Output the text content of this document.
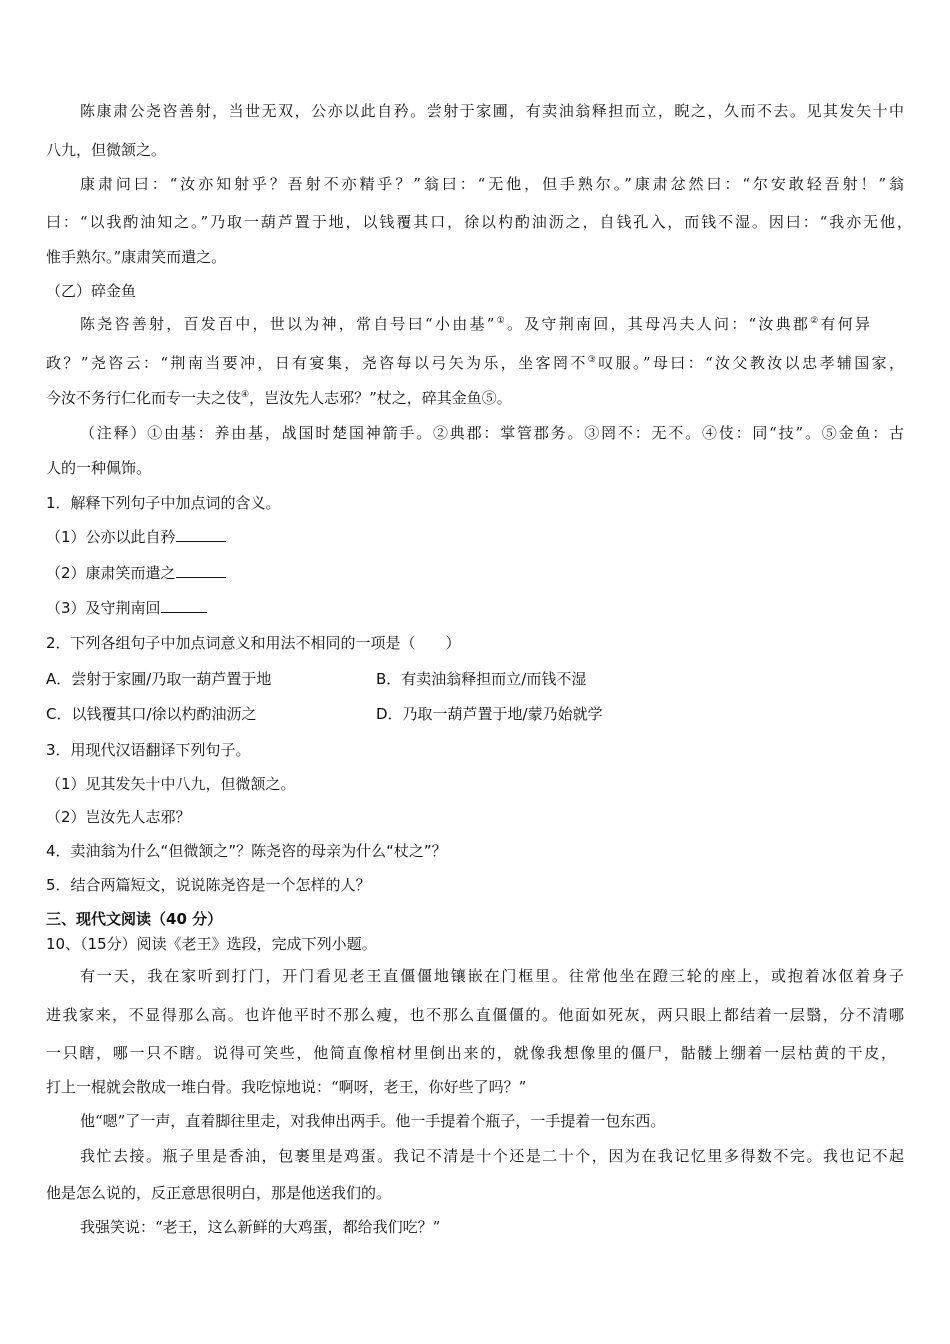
陈康肃公尧咨善射，当世无双，公亦以此自矜。尝射于家圃，有卖油翁释担而立，睨之，久而不去。见其发矢十中
八九，但微颔之。
康肃问曰：“汝亦知射乎？吾射不亦精乎？”翁曰：“无他，但手熟尔。”康肃忿然曰：“尔安敢轻吾射！”翁
曰：“以我酌油知之。”乃取一葫芦置于地，以钱覆其口，徐以杓酌油沥之，自钱孔入，而钱不湿。因曰：“我亦无他，
惟手熟尔。”康肃笑而遣之。
（乙）碎金鱼
陈尧咨善射，百发百中，世以为神，常自号曰“小由基”①。及守荆南回，其母冯夫人问：“汝典郡②有何异
政？”尧咨云：“荆南当要冲，日有宴集，尧咨每以弓矢为乐，坐客罔不③叹服。”母曰：“汝父教汝以忠孝辅国家，
今汝不务行仁化而专一夫之伎④，岂汝先人志邪？”杖之，碎其金鱼⑤。
（注释）①由基：养由基，战国时楚国神箭手。②典郡：掌管郡务。③罔不：无不。④伎：同“技”。⑤金鱼：古
人的一种佩饰。
1．解释下列句子中加点词的含义。
（1）公亦以此自矜
（2）康肃笑而遣之
（3）及守荆南回
2．下列各组句子中加点词意义和用法不相同的一项是（　　）
A．尝射于家圃/乃取一葫芦置于地	B．有卖油翁释担而立/而钱不湿
C．以钱覆其口/徐以杓酌油沥之	D．乃取一葫芦置于地/蒙乃始就学
3．用现代汉语翻译下列句子。
（1）见其发矢十中八九，但微颔之。
（2）岂汝先人志邪？
4．卖油翁为什么“但微颔之”？陈尧咨的母亲为什么“杖之”？
5．结合两篇短文，说说陈尧咨是一个怎样的人？
三、现代文阅读（40 分）
10、（15分）阅读《老王》选段，完成下列小题。
有一天，我在家听到打门，开门看见老王直僵僵地镶嵌在门框里。往常他坐在蹬三轮的座上，或抱着冰伛着身子
进我家来，不显得那么高。也许他平时不那么瘦，也不那么直僵僵的。他面如死灰，两只眼上都结着一层翳，分不清哪
一只瞎，哪一只不瞎。说得可笑些，他简直像棺材里倒出来的，就像我想像里的僵尸，骷髅上绷着一层枯黄的干皮，
打上一棍就会散成一堆白骨。我吃惊地说：“啊呀，老王，你好些了吗？”
他“嗯”了一声，直着脚往里走，对我伸出两手。他一手提着个瓶子，一手提着一包东西。
我忙去接。瓶子里是香油，包裹里是鸡蛋。我记不清是十个还是二十个，因为在我记忆里多得数不完。我也记不起
他是怎么说的，反正意思很明白，那是他送我们的。
我强笑说：“老王，这么新鲜的大鸡蛋，都给我们吃？”
